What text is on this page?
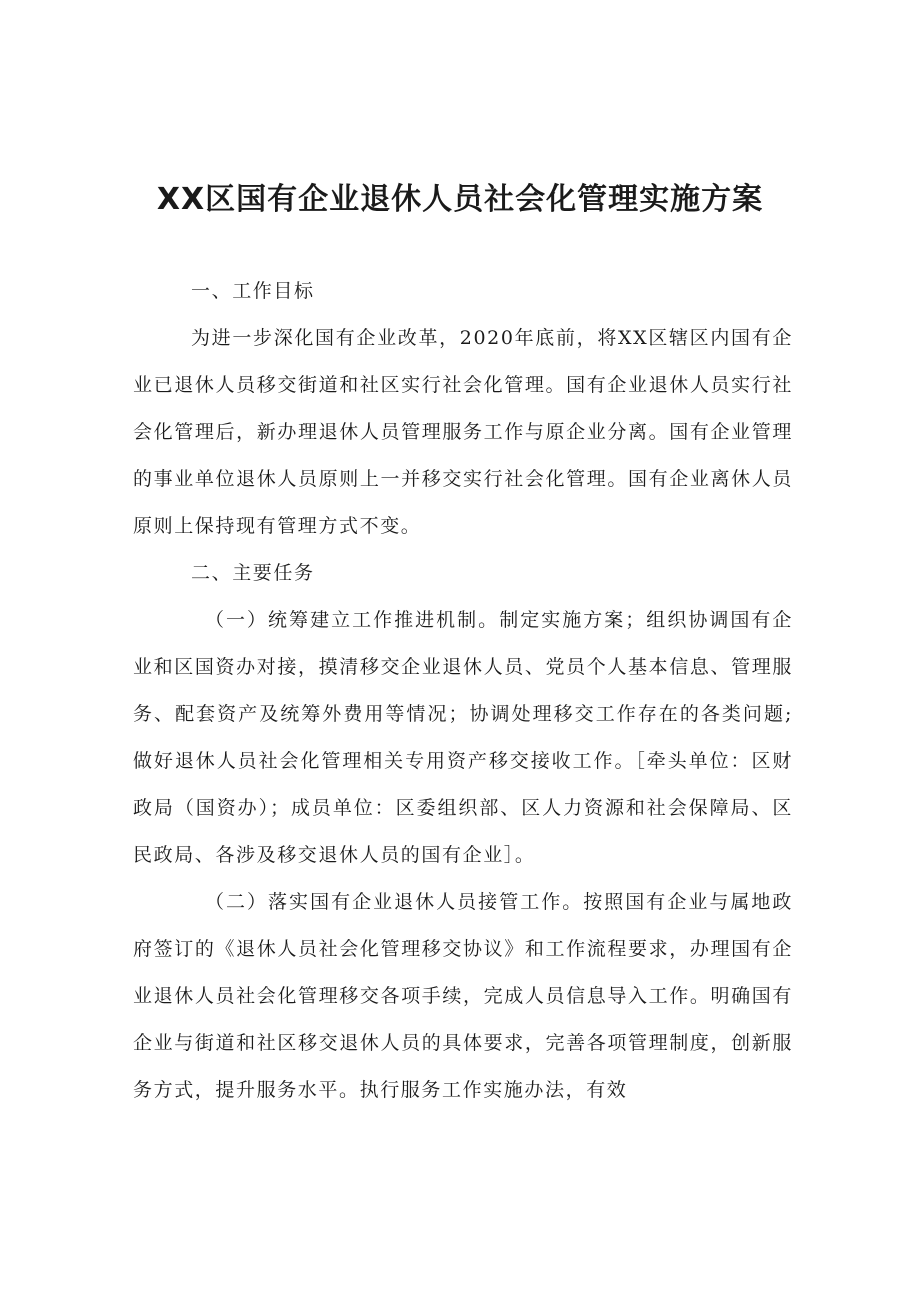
XX区国有企业退休人员社会化管理实施方案
一、工作目标

为进一步深化国有企业改革，2020年底前，将XX区辖区内国有企业已退休人员移交街道和社区实行社会化管理。国有企业退休人员实行社会化管理后，新办理退休人员管理服务工作与原企业分离。国有企业管理的事业单位退休人员原则上一并移交实行社会化管理。国有企业离休人员原则上保持现有管理方式不变。

二、主要任务

（一）统筹建立工作推进机制。制定实施方案；组织协调国有企业和区国资办对接，摸清移交企业退休人员、党员个人基本信息、管理服务、配套资产及统筹外费用等情况；协调处理移交工作存在的各类问题;做好退休人员社会化管理相关专用资产移交接收工作。［牵头单位：区财政局（国资办）；成员单位：区委组织部、区人力资源和社会保障局、区民政局、各涉及移交退休人员的国有企业］。

（二）落实国有企业退休人员接管工作。按照国有企业与属地政府签订的《退休人员社会化管理移交协议》和工作流程要求，办理国有企业退休人员社会化管理移交各项手续，完成人员信息导入工作。明确国有企业与街道和社区移交退休人员的具体要求，完善各项管理制度，创新服务方式，提升服务水平。执行服务工作实施办法，有效
